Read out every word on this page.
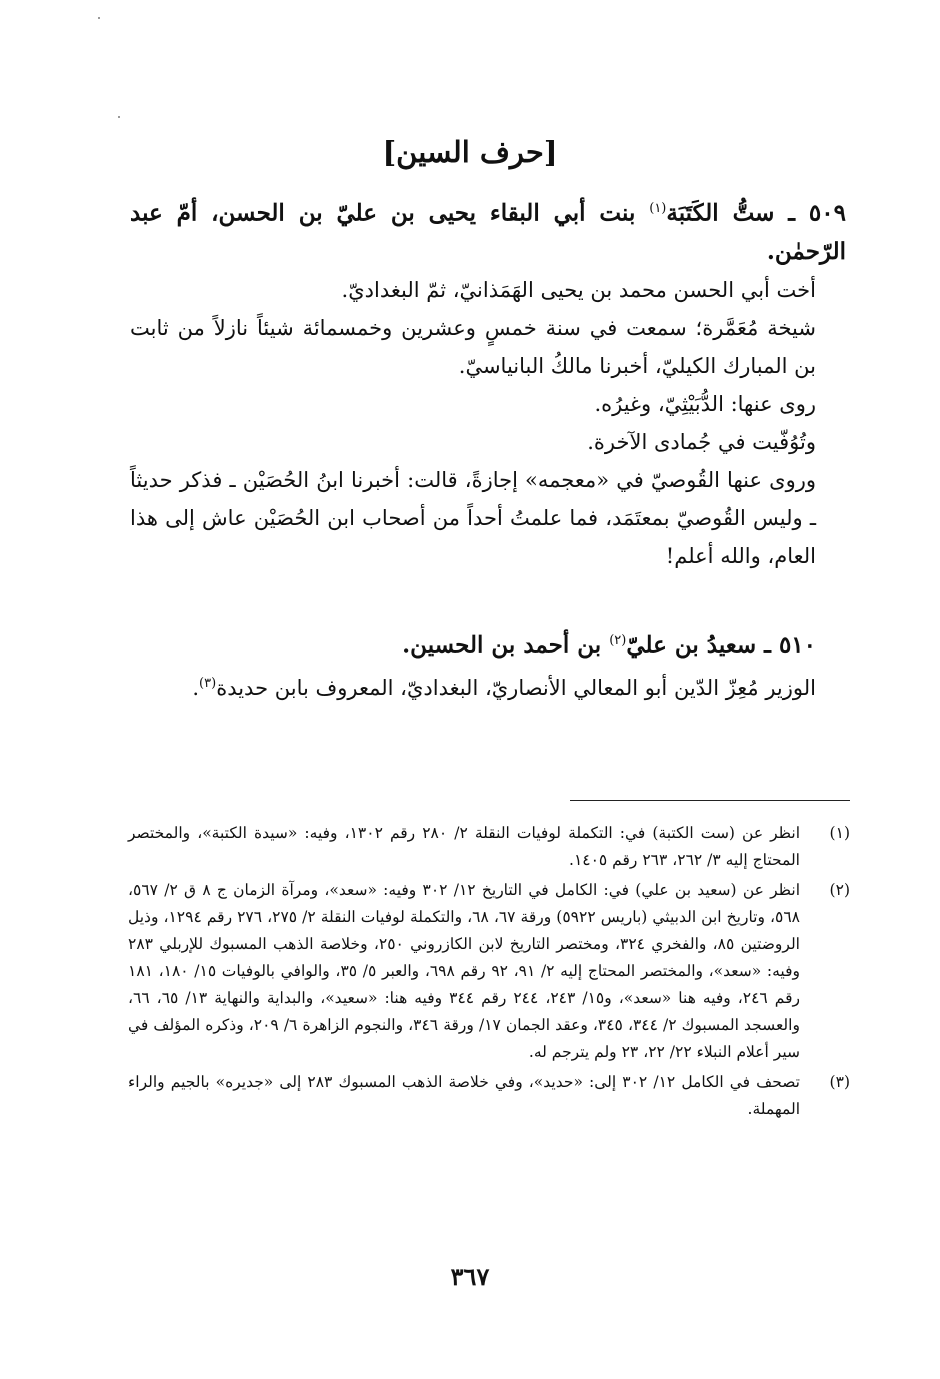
[حرف السين]
٥٠٩ ـ ستُّ الكَتَبَة$^{(١)}$ بنت أبي البقاء يحيى بن عليّ بن الحسن، أمّ عبد الرّحمٰن.
أخت أبي الحسن محمد بن يحيى الهَمَذانيّ، ثمّ البغداديّ.
شيخة مُعَمَّرة؛ سمعت في سنة خمسٍ وعشرين وخمسمائة شيئاً نازلاً من ثابت بن المبارك الكيليّ، أخبرنا مالكُ البانياسيّ.
روى عنها: الدُّبَيْثِيّ، وغيرُه.
وتُوُفّيت في جُمادى الآخرة.
وروى عنها القُوصيّ في «معجمه» إجازةً، قالت: أخبرنا ابنُ الحُصَيْن ـ فذكر حديثاً ـ وليس القُوصيّ بمعتَمَد، فما علمتُ أحداً من أصحاب ابن الحُصَيْن عاش إلى هذا العام، والله أعلم!
٥١٠ ـ سعيدُ بن عليّ$^{(٢)}$ بن أحمد بن الحسين.
الوزير مُعِزّ الدّين أبو المعالي الأنصاريّ، البغداديّ، المعروف بابن حديدة$^{(٣)}$.
(١)
انظر عن (ست الكتبة) في: التكملة لوفيات النقلة ٢/ ٢٨٠ رقم ١٣٠٢، وفيه: «سيدة الكتبة»، والمختصر المحتاج إليه ٣/ ٢٦٢، ٢٦٣ رقم ١٤٠٥.
(٢)
انظر عن (سعيد بن علي) في: الكامل في التاريخ ١٢/ ٣٠٢ وفيه: «سعد»، ومرآة الزمان ج ٨ ق ٢/ ٥٦٧، ٥٦٨، وتاريخ ابن الدبيثي (باريس ٥٩٢٢) ورقة ٦٧، ٦٨، والتكملة لوفيات النقلة ٢/ ٢٧٥، ٢٧٦ رقم ١٢٩٤، وذيل الروضتين ٨٥، والفخري ٣٢٤، ومختصر التاريخ لابن الكازروني ٢٥٠، وخلاصة الذهب المسبوك للإربلي ٢٨٣ وفيه: «سعد»، والمختصر المحتاج إليه ٢/ ٩١، ٩٢ رقم ٦٩٨، والعبر ٥/ ٣٥، والوافي بالوفيات ١٥/ ١٨٠، ١٨١ رقم ٢٤٦، وفيه هنا «سعد»، و١٥/ ٢٤٣، ٢٤٤ رقم ٣٤٤ وفيه هنا: «سعيد»، والبداية والنهاية ١٣/ ٦٥، ٦٦، والعسجد المسبوك ٢/ ٣٤٤، ٣٤٥، وعقد الجمان ١٧/ ورقة ٣٤٦، والنجوم الزاهرة ٦/ ٢٠٩، وذكره المؤلف في سير أعلام النبلاء ٢٢/ ٢٢، ٢٣ ولم يترجم له.
(٣)
تصحف في الكامل ١٢/ ٣٠٢ إلى: «حديد»، وفي خلاصة الذهب المسبوك ٢٨٣ إلى «جديره» بالجيم والراء المهملة.
٣٦٧
